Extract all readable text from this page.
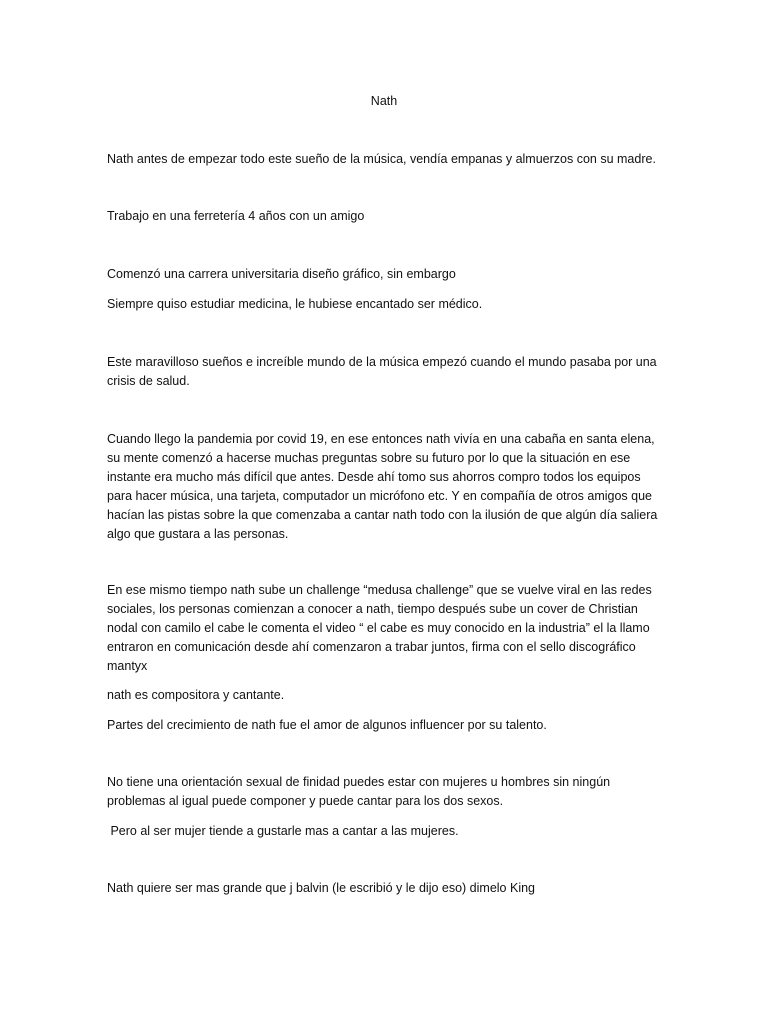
Nath
Nath antes de empezar todo este sueño de la música, vendía empanas y almuerzos con su madre.
Trabajo en una ferretería 4 años con un amigo
Comenzó una carrera universitaria diseño gráfico, sin embargo
Siempre quiso estudiar medicina, le hubiese encantado ser médico.
Este maravilloso sueños e increíble mundo de la música empezó cuando el mundo pasaba por una
crisis de salud.
Cuando llego la pandemia por covid 19, en ese entonces nath vivía en una cabaña en santa elena,
su mente comenzó a hacerse muchas preguntas sobre su futuro por lo que la situación en ese
instante era mucho más difícil que antes. Desde ahí tomo sus ahorros compro todos los equipos
para hacer música, una tarjeta, computador un micrófono etc. Y en compañía de otros amigos que
hacían las pistas sobre la que comenzaba a cantar nath todo con la ilusión de que algún día saliera
algo que gustara a las personas.
En ese mismo tiempo nath sube un challenge “medusa challenge” que se vuelve viral en las redes
sociales, los personas comienzan a conocer a nath, tiempo después sube un cover de Christian
nodal con camilo el cabe le comenta el video “ el cabe es muy conocido en la industria” el la llamo
entraron en comunicación desde ahí comenzaron a trabar juntos, firma con el sello discográfico
mantyx
nath es compositora y cantante.
Partes del crecimiento de nath fue el amor de algunos influencer por su talento.
No tiene una orientación sexual de finidad puedes estar con mujeres u hombres sin ningún
problemas al igual puede componer y puede cantar para los dos sexos.
Pero al ser mujer tiende a gustarle mas a cantar a las mujeres.
Nath quiere ser mas grande que j balvin (le escribió y le dijo eso) dimelo King
